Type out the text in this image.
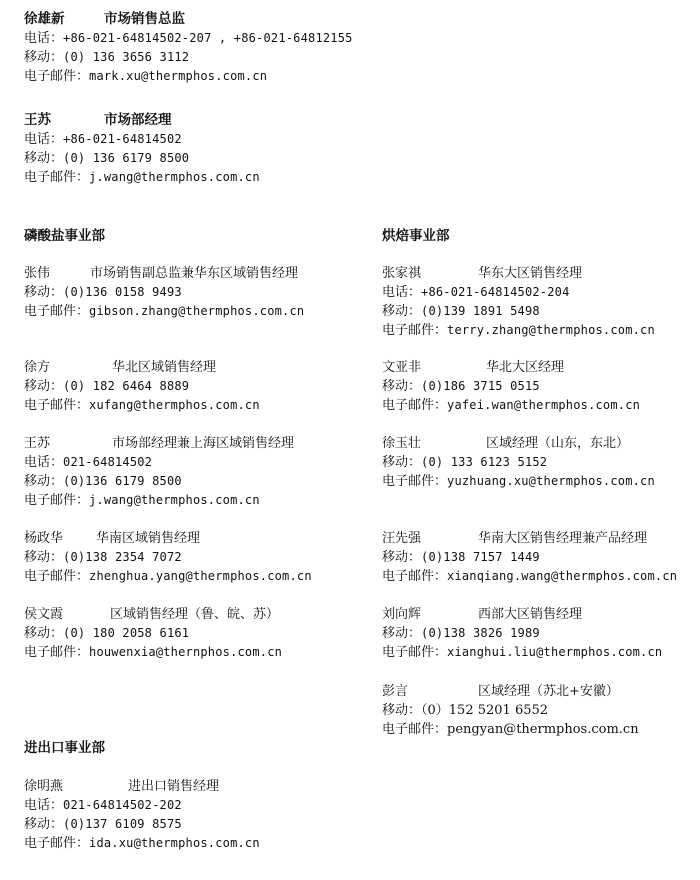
徐雄新	市场销售总监
电话：+86-021-64814502-207 , +86-021-64812155
移动：(0) 136 3656 3112
电子邮件：mark.xu@thermphos.com.cn
王苏	市场部经理
电话：+86-021-64814502
移动：(0) 136 6179 8500
电子邮件：j.wang@thermphos.com.cn
磷酸盐事业部	烘焙事业部
进出口事业部
张伟	市场销售副总监兼华东区域销售经理
移动：(0)136 0158 9493
电子邮件：gibson.zhang@thermphos.com.cn
徐方	华北区域销售经理
移动：(0) 182 6464 8889
电子邮件：xufang@thermphos.com.cn
王苏	市场部经理兼上海区域销售经理
电话：021-64814502
移动：(0)136 6179 8500
电子邮件：j.wang@thermphos.com.cn
杨政华	华南区域销售经理
移动：(0)138 2354 7072
电子邮件：zhenghua.yang@thermphos.com.cn
侯文霞	区域销售经理（鲁、皖、苏）
移动：(0) 180 2058 6161
电子邮件：houwenxia@thernphos.com.cn
张家祺	华东大区销售经理
电话：+86-021-64814502-204
移动：(0)139 1891 5498
电子邮件：terry.zhang@thermphos.com.cn
文亚非	华北大区经理
移动：(0)186 3715 0515
电子邮件：yafei.wan@thermphos.com.cn
徐玉壮	区域经理（山东，东北）
移动：(0) 133 6123 5152
电子邮件：yuzhuang.xu@thermphos.com.cn
汪先强	华南大区销售经理兼产品经理
移动：(0)138 7157 1449
电子邮件：xianqiang.wang@thermphos.com.cn
刘向辉	西部大区销售经理
移动：(0)138 3826 1989
电子邮件：xianghui.liu@thermphos.com.cn
彭言	区域经理（苏北+安徽）
移动：（0）152 5201 6552
电子邮件：pengyan@thermphos.com.cn
徐明燕	进出口销售经理
电话：021-64814502-202
移动：(0)137 6109 8575
电子邮件：ida.xu@thermphos.com.cn
